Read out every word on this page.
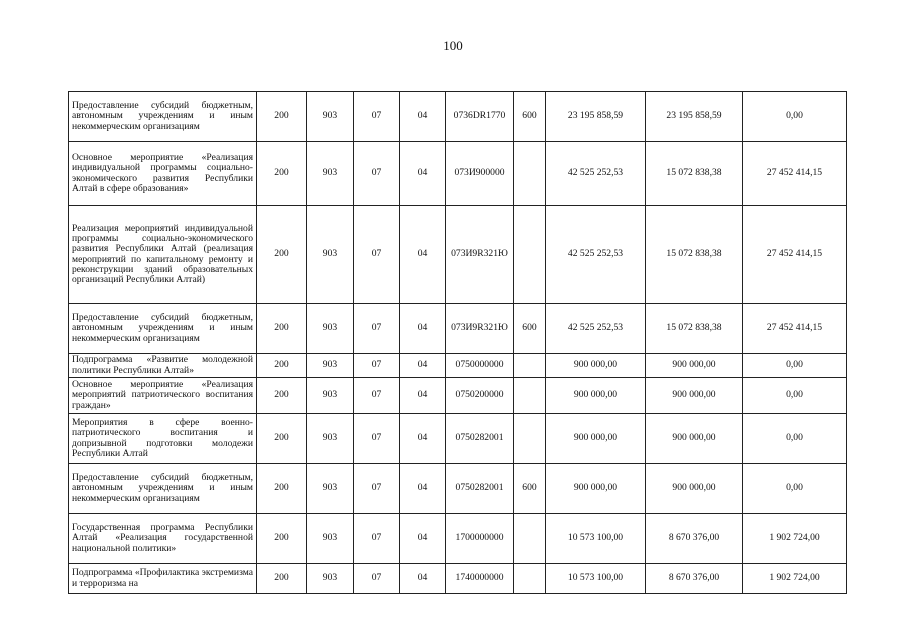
100
Предоставление субсидий бюджетным, автономным учреждениям и иным некоммерческим организациям	200	903	07	04	0736DR1770	600	23 195 858,59	23 195 858,59	0,00
Основное мероприятие «Реализация индивидуальной программы социально-экономического развития Республики Алтай в сфере образования»	200	903	07	04	073И900000		42 525 252,53	15 072 838,38	27 452 414,15
Реализация мероприятий индивидуальной программы социально-экономического развития Республики Алтай (реализация мероприятий по капитальному ремонту и реконструкции зданий образовательных организаций Республики Алтай)	200	903	07	04	073И9R321Ю		42 525 252,53	15 072 838,38	27 452 414,15
Предоставление субсидий бюджетным, автономным учреждениям и иным некоммерческим организациям	200	903	07	04	073И9R321Ю	600	42 525 252,53	15 072 838,38	27 452 414,15
Подпрограмма «Развитие молодежной политики Республики Алтай»	200	903	07	04	0750000000		900 000,00	900 000,00	0,00
Основное мероприятие «Реализация мероприятий патриотического воспитания граждан»	200	903	07	04	0750200000		900 000,00	900 000,00	0,00
Мероприятия в сфере военно-патриотического воспитания и допризывной подготовки молодежи Республики Алтай	200	903	07	04	0750282001		900 000,00	900 000,00	0,00
Предоставление субсидий бюджетным, автономным учреждениям и иным некоммерческим организациям	200	903	07	04	0750282001	600	900 000,00	900 000,00	0,00
Государственная программа Республики Алтай «Реализация государственной национальной политики»	200	903	07	04	1700000000		10 573 100,00	8 670 376,00	1 902 724,00
Подпрограмма «Профилактика экстремизма и терроризма на	200	903	07	04	1740000000		10 573 100,00	8 670 376,00	1 902 724,00
